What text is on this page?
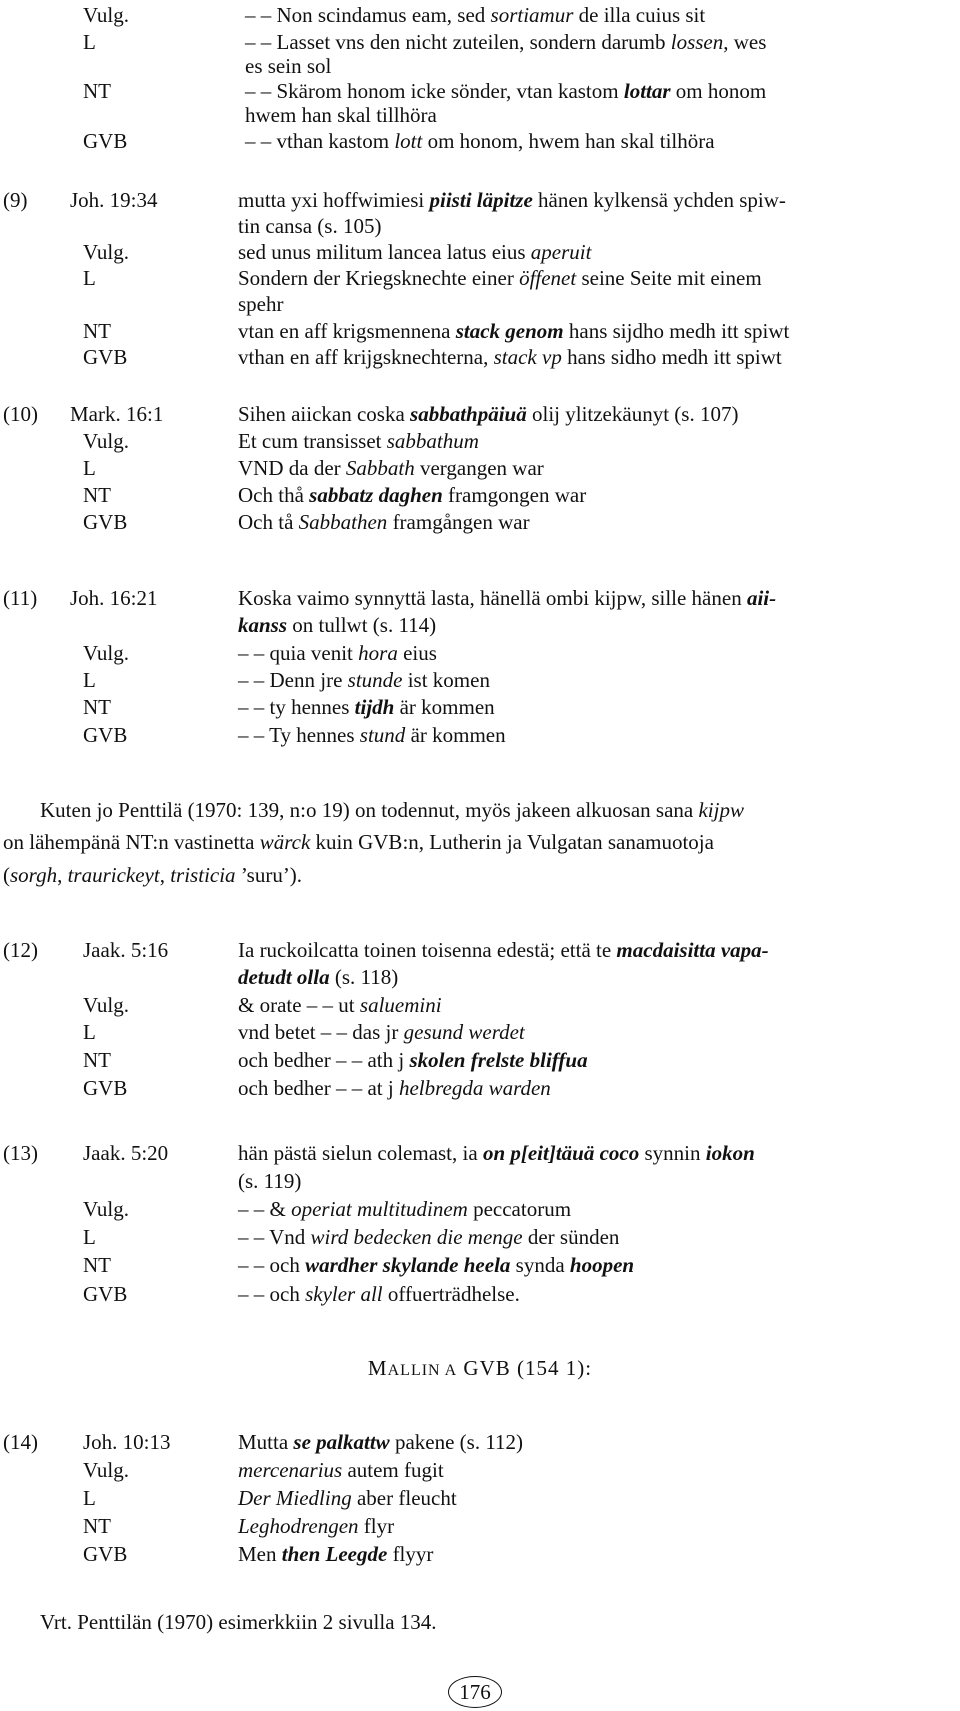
Vulg.	– – Non scindamus eam, sed sortiamur de illa cuius sit
L	– – Lasset vns den nicht zuteilen, sondern darumb lossen, wes
es sein sol
NT	– – Skärom honom icke sönder, vtan kastom lottar om honom
hwem han skal tillhöra
GVB	– – vthan kastom lott om honom, hwem han skal tilhöra
(9) Joh. 19:34	mutta yxi hoffwimiesi piisti läpitze hänen kylkensä ychden spiw-
tin cansa (s. 105)
Vulg.	sed unus militum lancea latus eius aperuit
L	Sondern der Kriegsknechte einer öffenet seine Seite mit einem
spehr
NT	vtan en aff krigsmennena stack genom hans sijdho medh itt spiwt
GVB	vthan en aff krijgsknechterna, stack vp hans sidho medh itt spiwt
(10) Mark. 16:1	Sihen aiickan coska sabbathpäiuä olij ylitzekäunyt (s. 107)
Vulg.	Et cum transisset sabbathum
L	VND da der Sabbath vergangen war
NT	Och thå sabbatz daghen framgongen war
GVB	Och tå Sabbathen framgången war
(11) Joh. 16:21	Koska vaimo synnyttä lasta, hänellä ombi kijpw, sille hänen aii-
kanss on tullwt (s. 114)
Vulg.	– – quia venit hora eius
L	– – Denn jre stunde ist komen
NT	– – ty hennes tijdh är kommen
GVB	– – Ty hennes stund är kommen
Kuten jo Penttilä (1970: 139, n:o 19) on todennut, myös jakeen alkuosan sana kijpw
on lähempänä NT:n vastinetta wärck kuin GVB:n, Lutherin ja Vulgatan sanamuotoja
(sorgh, traurickeyt, tristicia ’suru’).
(12) Jaak. 5:16	Ia ruckoilcatta toinen toisenna edestä; että te macdaisitta vapa-
detudt olla (s. 118)
Vulg.	& orate – – ut saluemini
L	vnd betet – – das jr gesund werdet
NT	och bedher – – ath j skolen frelste bliffua
GVB	och bedher – – at j helbregda warden
(13) Jaak. 5:20	hän pästä sielun colemast, ia on p[eit]täuä coco synnin iokon
(s. 119)
Vulg.	– – & operiat multitudinem peccatorum
L	– – Vnd wird bedecken die menge der sünden
NT	– – och wardher skylande heela synda hoopen
GVB	– – och skyler all offuerträdhelse.
MALLIN A GVB (154 1):
(14) Joh. 10:13	Mutta se palkattw pakene (s. 112)
Vulg.	mercenarius autem fugit
L	Der Miedling aber fleucht
NT	Leghodrengen flyr
GVB	Men then Leegde flyyr
Vrt. Penttilän (1970) esimerkkiin 2 sivulla 134.
176
